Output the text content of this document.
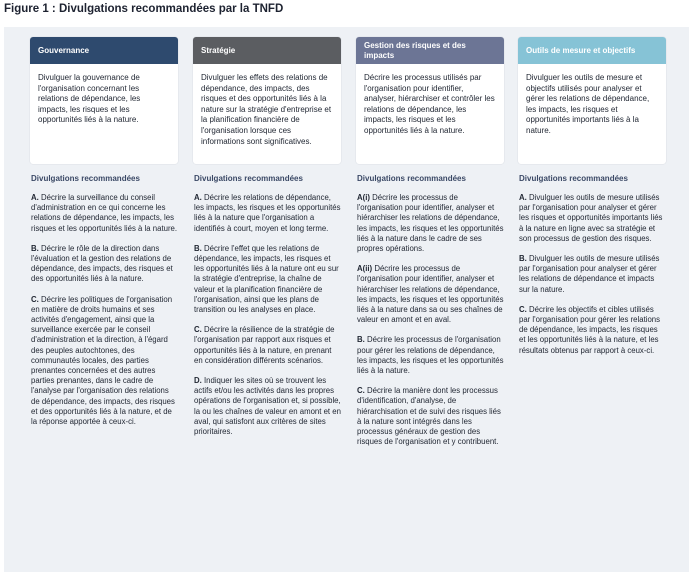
Figure 1 : Divulgations recommandées par la TNFD
Gouvernance
Divulguer la gouvernance de l'organisation concernant les relations de dépendance, les impacts, les risques et les opportunités liés à la nature.
Divulgations recommandées
A. Décrire la surveillance du conseil d'administration en ce qui concerne les relations de dépendance, les impacts, les risques et les opportunités liés à la nature.
B. Décrire le rôle de la direction dans l'évaluation et la gestion des relations de dépendance, des impacts, des risques et des opportunités liés à la nature.
C. Décrire les politiques de l'organisation en matière de droits humains et ses activités d'engagement, ainsi que la surveillance exercée par le conseil d'administration et la direction, à l'égard des peuples autochtones, des communautés locales, des parties prenantes concernées et des autres parties prenantes, dans le cadre de l'analyse par l'organisation des relations de dépendance, des impacts, des risques et des opportunités liés à la nature, et de la réponse apportée à ceux-ci.
Stratégie
Divulguer les effets des relations de dépendance, des impacts, des risques et des opportunités liés à la nature sur la stratégie d'entreprise et la planification financière de l'organisation lorsque ces informations sont significatives.
Divulgations recommandées
A. Décrire les relations de dépendance, les impacts, les risques et les opportunités liés à la nature que l'organisation a identifiés à court, moyen et long terme.
B. Décrire l'effet que les relations de dépendance, les impacts, les risques et les opportunités liés à la nature ont eu sur la stratégie d'entreprise, la chaîne de valeur et la planification financière de l'organisation, ainsi que les plans de transition ou les analyses en place.
C. Décrire la résilience de la stratégie de l'organisation par rapport aux risques et opportunités liés à la nature, en prenant en considération différents scénarios.
D. Indiquer les sites où se trouvent les actifs et/ou les activités dans les propres opérations de l'organisation et, si possible, la ou les chaînes de valeur en amont et en aval, qui satisfont aux critères de sites prioritaires.
Gestion des risques et des impacts
Décrire les processus utilisés par l'organisation pour identifier, analyser, hiérarchiser et contrôler les relations de dépendance, les impacts, les risques et les opportunités liés à la nature.
Divulgations recommandées
A(i) Décrire les processus de l'organisation pour identifier, analyser et hiérarchiser les relations de dépendance, les impacts, les risques et les opportunités liés à la nature dans le cadre de ses propres opérations.
A(ii) Décrire les processus de l'organisation pour identifier, analyser et hiérarchiser les relations de dépendance, les impacts, les risques et les opportunités liés à la nature dans sa ou ses chaînes de valeur en amont et en aval.
B. Décrire les processus de l'organisation pour gérer les relations de dépendance, les impacts, les risques et les opportunités liés à la nature.
C. Décrire la manière dont les processus d'identification, d'analyse, de hiérarchisation et de suivi des risques liés à la nature sont intégrés dans les processus généraux de gestion des risques de l'organisation et y contribuent.
Outils de mesure et objectifs
Divulguer les outils de mesure et objectifs utilisés pour analyser et gérer les relations de dépendance, les impacts, les risques et opportunités importants liés à la nature.
Divulgations recommandées
A. Divulguer les outils de mesure utilisés par l'organisation pour analyser et gérer les risques et opportunités importants liés à la nature en ligne avec sa stratégie et son processus de gestion des risques.
B. Divulguer les outils de mesure utilisés par l'organisation pour analyser et gérer les relations de dépendance et impacts sur la nature.
C. Décrire les objectifs et cibles utilisés par l'organisation pour gérer les relations de dépendance, les impacts, les risques et les opportunités liés à la nature, et les résultats obtenus par rapport à ceux-ci.
